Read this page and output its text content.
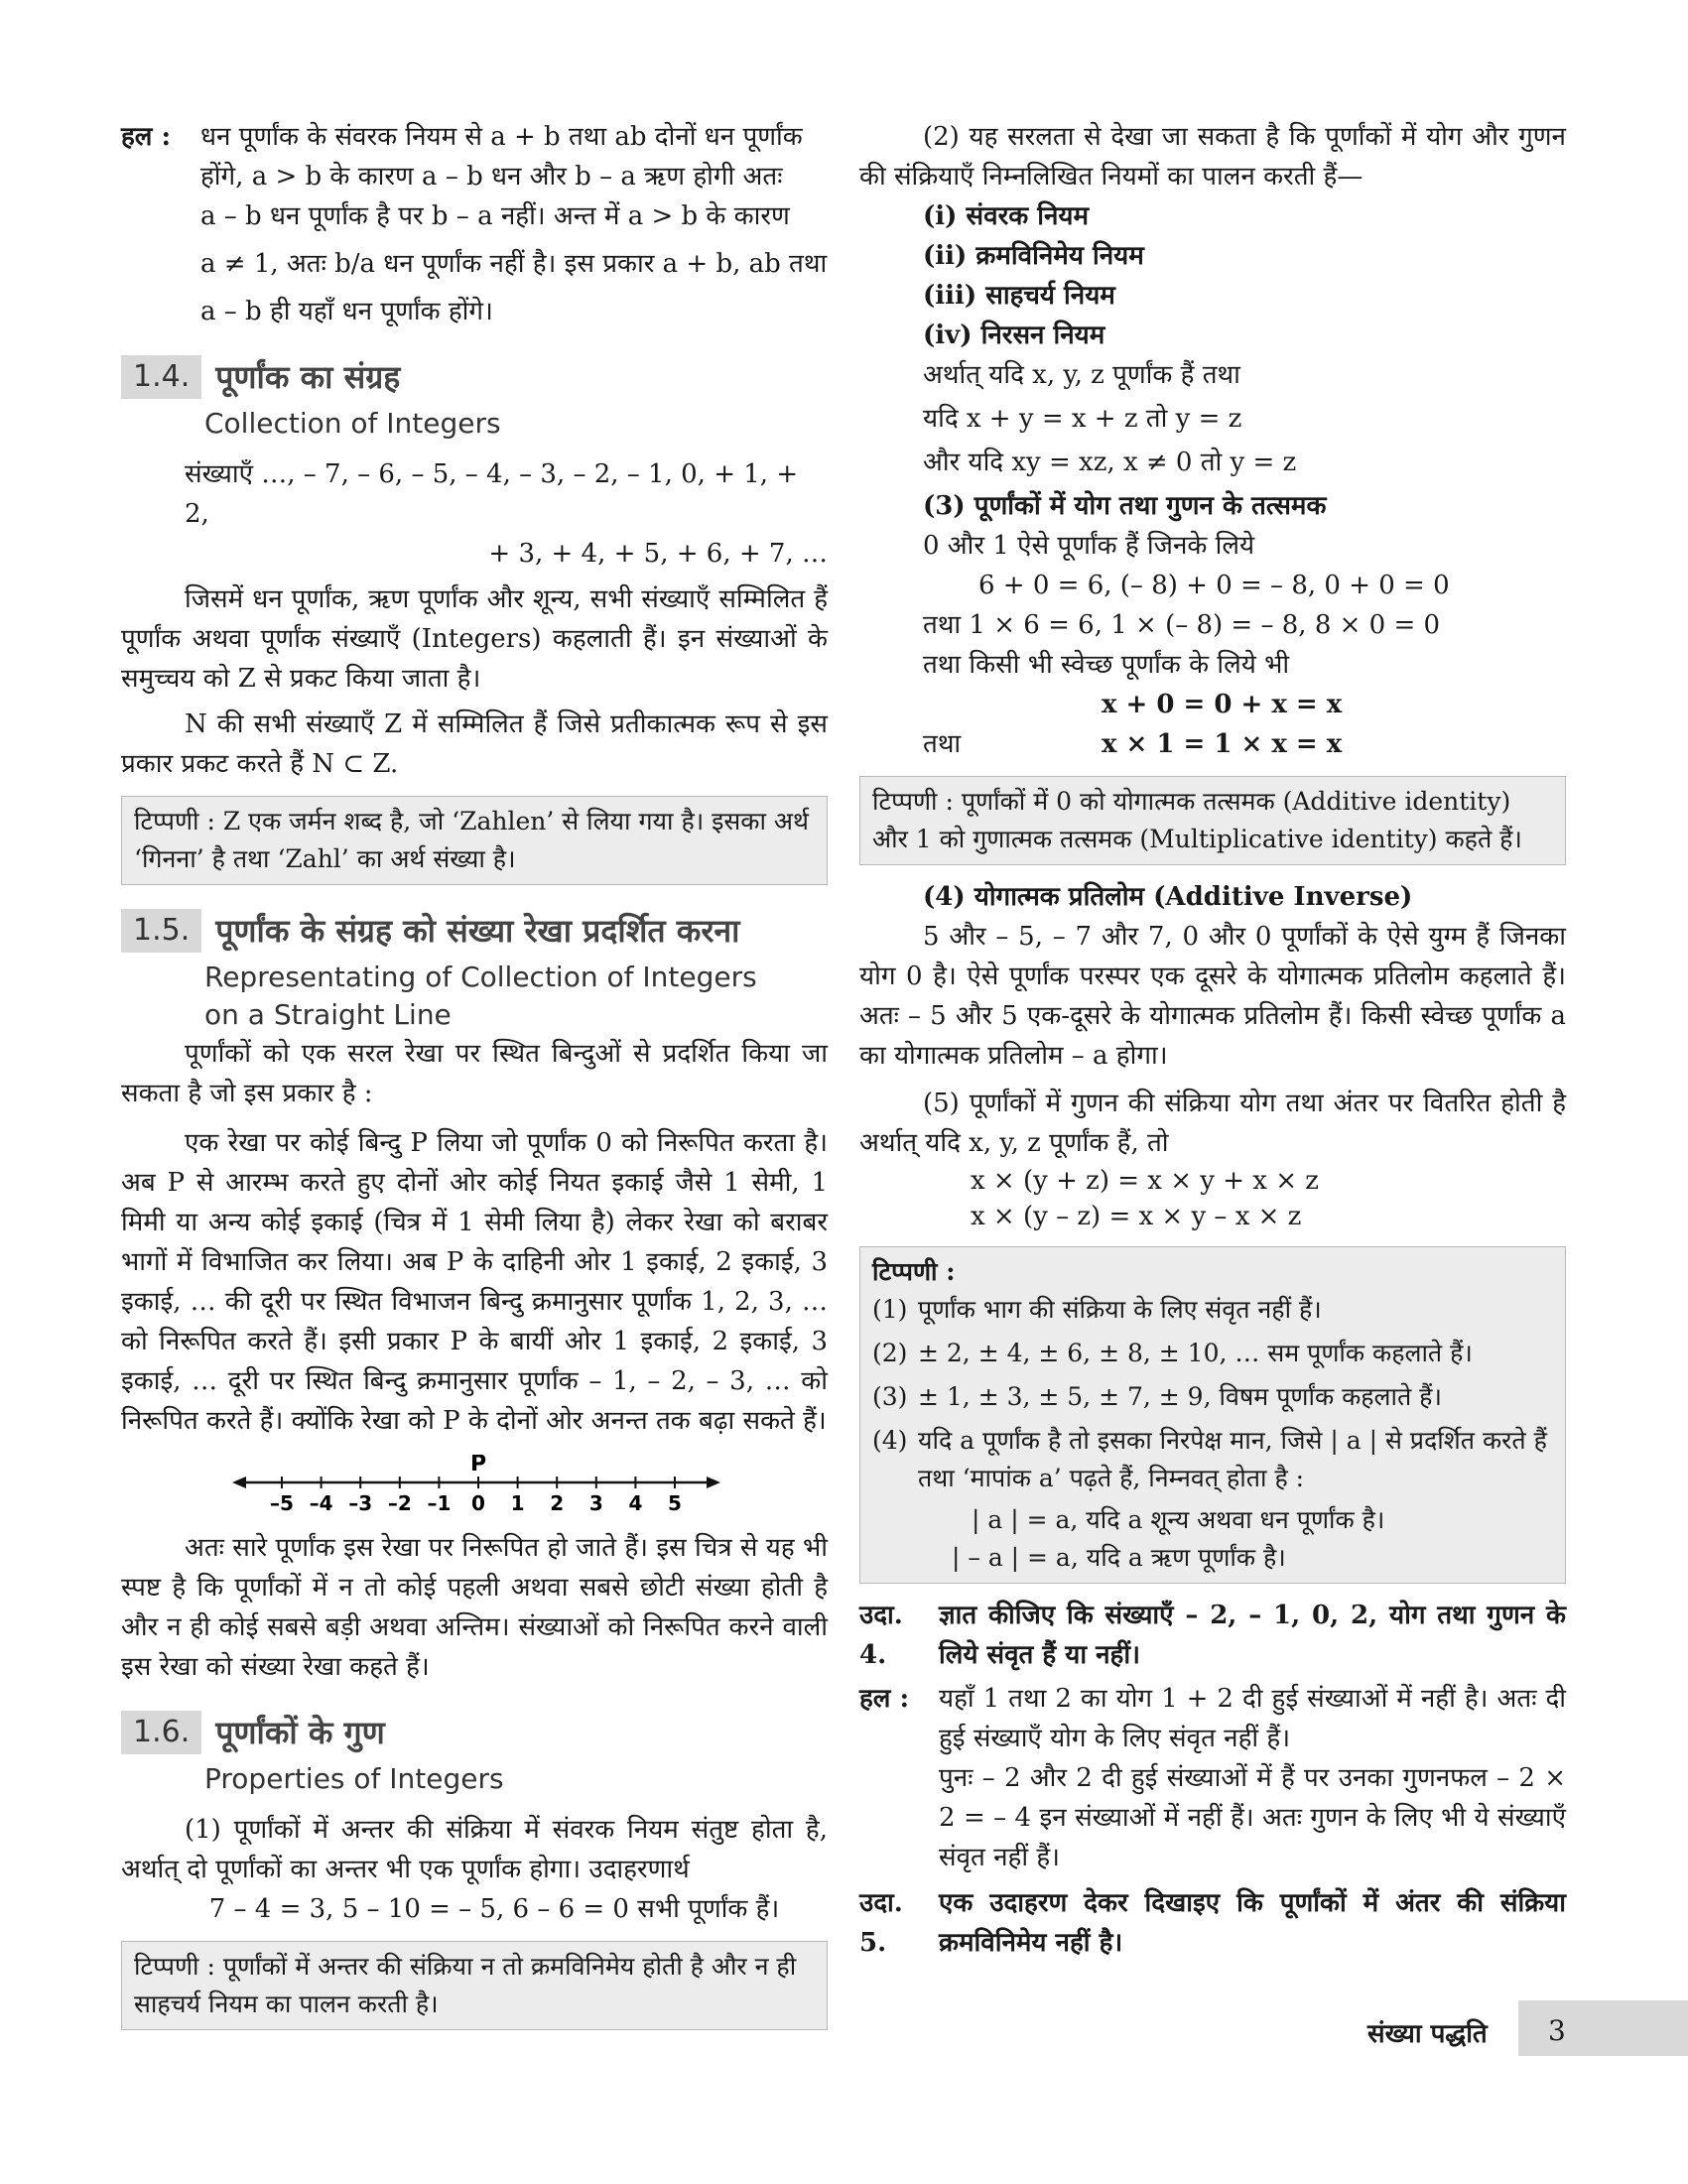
हल :	धन पूर्णांक के संवरक नियम से a + b तथा ab दोनों धन पूर्णांक

होंगे, a > b के कारण a – b धन और b – a ऋण होगी अतः

a – b धन पूर्णांक है पर b – a नहीं। अन्त में a > b के कारण

a ≠ 1, अतः b/a धन पूर्णांक नहीं है। इस प्रकार a + b, ab तथा

a – b ही यहाँ धन पूर्णांक होंगे।

1.4. पूर्णांक का संग्रह
Collection of Integers

संख्याएँ …, – 7, – 6, – 5, – 4, – 3, – 2, – 1, 0, + 1, + 2,

+ 3, + 4, + 5, + 6, + 7, …

जिसमें धन पूर्णांक, ऋण पूर्णांक और शून्य, सभी संख्याएँ सम्मिलित हैं पूर्णांक अथवा पूर्णांक संख्याएँ (Integers) कहलाती हैं। इन संख्याओं के समुच्चय को Z से प्रकट किया जाता है।

N की सभी संख्याएँ Z में सम्मिलित हैं जिसे प्रतीकात्मक रूप से इस प्रकार प्रकट करते हैं N ⊂ Z.

टिप्पणी : Z एक जर्मन शब्द है, जो ‘Zahlen’ से लिया गया है। इसका अर्थ ‘गिनना’ है तथा ‘Zahl’ का अर्थ संख्या है।
1.5. पूर्णांक के संग्रह को संख्या रेखा प्रदर्शित करना
Representating of Collection of Integers
on a Straight Line

पूर्णांकों को एक सरल रेखा पर स्थित बिन्दुओं से प्रदर्शित किया जा सकता है जो इस प्रकार है :

एक रेखा पर कोई बिन्दु P लिया जो पूर्णांक 0 को निरूपित करता है। अब P से आरम्भ करते हुए दोनों ओर कोई नियत इकाई जैसे 1 सेमी, 1 मिमी या अन्य कोई इकाई (चित्र में 1 सेमी लिया है) लेकर रेखा को बराबर भागों में विभाजित कर लिया। अब P के दाहिनी ओर 1 इकाई, 2 इकाई, 3 इकाई, … की दूरी पर स्थित विभाजन बिन्दु क्रमानुसार पूर्णांक 1, 2, 3, … को निरूपित करते हैं। इसी प्रकार P के बायीं ओर 1 इकाई, 2 इकाई, 3 इकाई, … दूरी पर स्थित बिन्दु क्रमानुसार पूर्णांक – 1, – 2, – 3, … को निरूपित करते हैं। क्योंकि रेखा को P के दोनों ओर अनन्त तक बढ़ा सकते हैं।

P
–5 –4 –3 –2 –1 0 1 2 3 4 5

अतः सारे पूर्णांक इस रेखा पर निरूपित हो जाते हैं। इस चित्र से यह भी स्पष्ट है कि पूर्णांकों में न तो कोई पहली अथवा सबसे छोटी संख्या होती है और न ही कोई सबसे बड़ी अथवा अन्तिम। संख्याओं को निरूपित करने वाली इस रेखा को संख्या रेखा कहते हैं।

1.6. पूर्णांकों के गुण
Properties of Integers

(1) पूर्णांकों में अन्तर की संक्रिया में संवरक नियम संतुष्ट होता है, अर्थात् दो पूर्णांकों का अन्तर भी एक पूर्णांक होगा। उदाहरणार्थ

7 – 4 = 3, 5 – 10 = – 5, 6 – 6 = 0 सभी पूर्णांक हैं।

टिप्पणी : पूर्णांकों में अन्तर की संक्रिया न तो क्रमविनिमेय होती है और न ही साहचर्य नियम का पालन करती है।

(2) यह सरलता से देखा जा सकता है कि पूर्णांकों में योग और गुणन की संक्रियाएँ निम्नलिखित नियमों का पालन करती हैं—

(i) संवरक नियम

(ii) क्रमविनिमेय नियम

(iii) साहचर्य नियम

(iv) निरसन नियम

अर्थात् यदि x, y, z पूर्णांक हैं तथा

यदि x + y = x + z तो y = z

और यदि xy = xz, x ≠ 0 तो y = z

(3) पूर्णांकों में योग तथा गुणन के तत्समक

0 और 1 ऐसे पूर्णांक हैं जिनके लिये

6 + 0 = 6, (– 8) + 0 = – 8, 0 + 0 = 0

तथा 1 × 6 = 6, 1 × (– 8) = – 8, 8 × 0 = 0

तथा किसी भी स्वेच्छ पूर्णांक के लिये भी

x + 0 = 0 + x = x

तथा	x × 1 = 1 × x = x

टिप्पणी : पूर्णांकों में 0 को योगात्मक तत्समक (Additive identity) और 1 को गुणात्मक तत्समक (Multiplicative identity) कहते हैं।

(4) योगात्मक प्रतिलोम (Additive Inverse)

5 और – 5, – 7 और 7, 0 और 0 पूर्णांकों के ऐसे युग्म हैं जिनका योग 0 है। ऐसे पूर्णांक परस्पर एक दूसरे के योगात्मक प्रतिलोम कहलाते हैं। अतः – 5 और 5 एक-दूसरे के योगात्मक प्रतिलोम हैं। किसी स्वेच्छ पूर्णांक a का योगात्मक प्रतिलोम – a होगा।

(5) पूर्णांकों में गुणन की संक्रिया योग तथा अंतर पर वितरित होती है अर्थात् यदि x, y, z पूर्णांक हैं, तो

x × (y + z) = x × y + x × z

x × (y – z) = x × y – x × z

टिप्पणी :
(1) पूर्णांक भाग की संक्रिया के लिए संवृत नहीं हैं।
(2) ± 2, ± 4, ± 6, ± 8, ± 10, … सम पूर्णांक कहलाते हैं।
(3) ± 1, ± 3, ± 5, ± 7, ± 9, विषम पूर्णांक कहलाते हैं।
(4) यदि a पूर्णांक है तो इसका निरपेक्ष मान, जिसे | a | से प्रदर्शित करते हैं तथा ‘मापांक a’ पढ़ते हैं, निम्नवत् होता है :
| a | = a, यदि a शून्य अथवा धन पूर्णांक है।
| – a | = a, यदि a ऋण पूर्णांक है।
उदा. 4.

ज्ञात कीजिए कि संख्याएँ – 2, – 1, 0, 2, योग तथा गुणन के लिये संवृत हैं या नहीं।

हल :	यहाँ 1 तथा 2 का योग 1 + 2 दी हुई संख्याओं में नहीं है। अतः दी हुई संख्याएँ योग के लिए संवृत नहीं हैं।

पुनः – 2 और 2 दी हुई संख्याओं में हैं पर उनका गुणनफल – 2 × 2 = – 4 इन संख्याओं में नहीं हैं। अतः गुणन के लिए भी ये संख्याएँ संवृत नहीं हैं।

उदा. 5.

एक उदाहरण देकर दिखाइए कि पूर्णांकों में अंतर की संक्रिया क्रमविनिमेय नहीं है।

संख्या पद्धति 3
